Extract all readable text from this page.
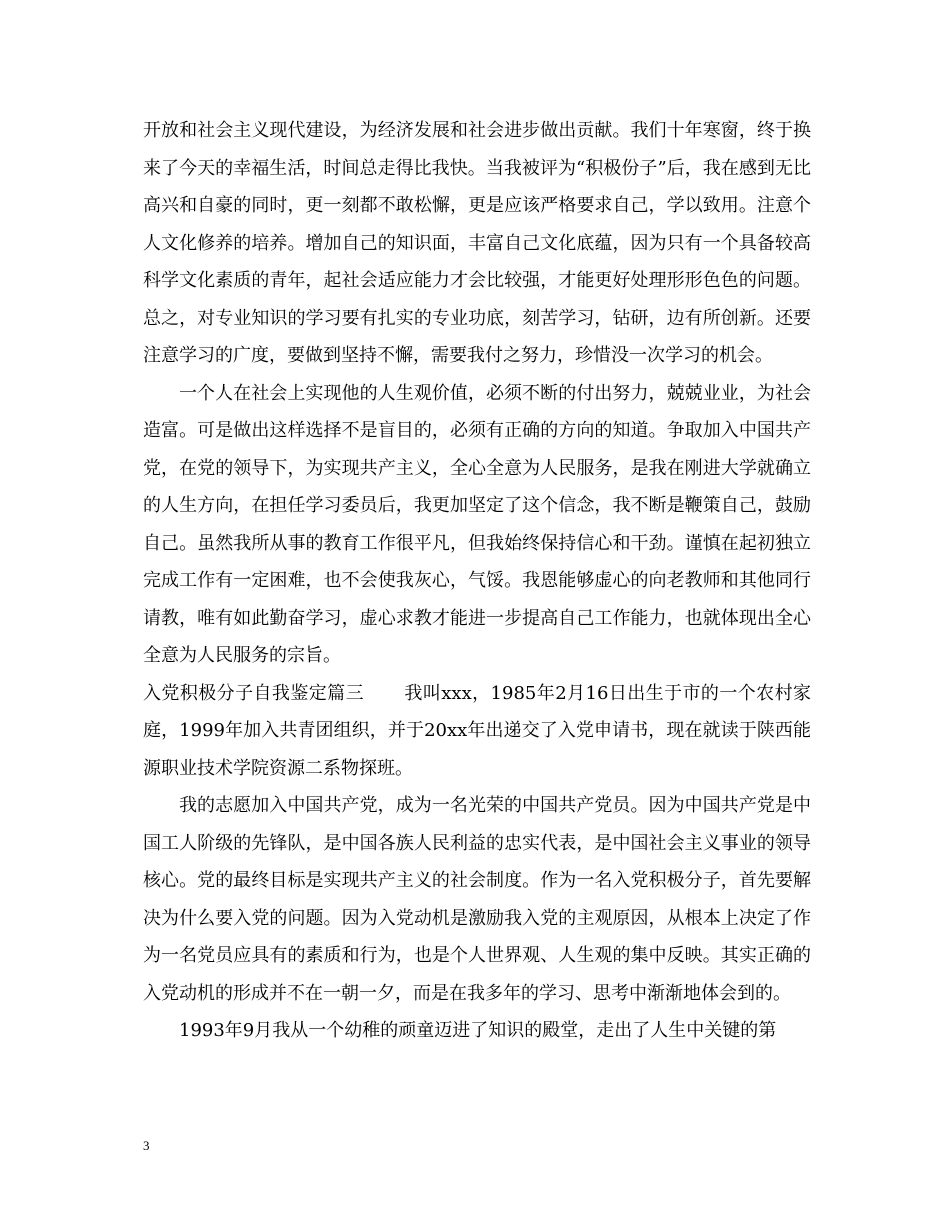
开放和社会主义现代建设，为经济发展和社会进步做出贡献。我们十年寒窗，终于换来了今天的幸福生活，时间总走得比我快。当我被评为“积极份子”后，我在感到无比高兴和自豪的同时，更一刻都不敢松懈，更是应该严格要求自己，学以致用。注意个人文化修养的培养。增加自己的知识面，丰富自己文化底蕴，因为只有一个具备较高科学文化素质的青年，起社会适应能力才会比较强，才能更好处理形形色色的问题。总之，对专业知识的学习要有扎实的专业功底，刻苦学习，钻研，边有所创新。还要注意学习的广度，要做到坚持不懈，需要我付之努力，珍惜没一次学习的机会。

一个人在社会上实现他的人生观价值，必须不断的付出努力，兢兢业业，为社会造富。可是做出这样选择不是盲目的，必须有正确的方向的知道。争取加入中国共产党，在党的领导下，为实现共产主义，全心全意为人民服务，是我在刚进大学就确立的人生方向，在担任学习委员后，我更加坚定了这个信念，我不断是鞭策自己，鼓励自己。虽然我所从事的教育工作很平凡，但我始终保持信心和干劲。谨慎在起初独立完成工作有一定困难，也不会使我灰心，气馁。我恩能够虚心的向老教师和其他同行请教，唯有如此勤奋学习，虚心求教才能进一步提高自己工作能力，也就体现出全心全意为人民服务的宗旨。

入党积极分子自我鉴定篇三 我叫xxx，1985年2月16日出生于市的一个农村家庭，1999年加入共青团组织，并于20xx年出递交了入党申请书，现在就读于陕西能源职业技术学院资源二系物探班。

我的志愿加入中国共产党，成为一名光荣的中国共产党员。因为中国共产党是中国工人阶级的先锋队，是中国各族人民利益的忠实代表，是中国社会主义事业的领导核心。党的最终目标是实现共产主义的社会制度。作为一名入党积极分子，首先要解决为什么要入党的问题。因为入党动机是激励我入党的主观原因，从根本上决定了作为一名党员应具有的素质和行为，也是个人世界观、人生观的集中反映。其实正确的入党动机的形成并不在一朝一夕，而是在我多年的学习、思考中渐渐地体会到的。

1993年9月我从一个幼稚的顽童迈进了知识的殿堂，走出了人生中关键的第

3
